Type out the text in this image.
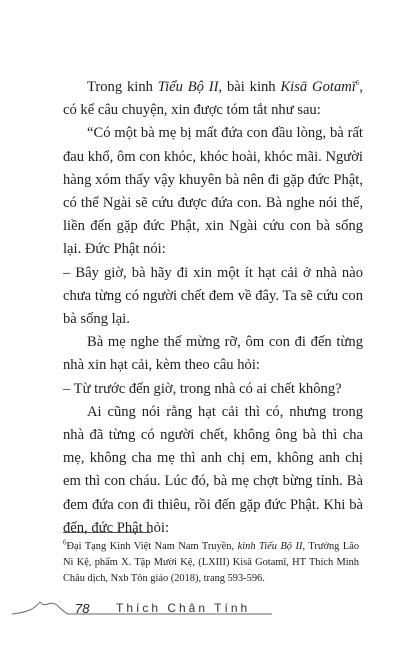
Trong kinh Tiểu Bộ II, bài kinh Kisā Gotamī$^6$, có kể câu chuyện, xin được tóm tắt như sau:

“Có một bà mẹ bị mất đứa con đầu lòng, bà rất đau khổ, ôm con khóc, khóc hoài, khóc mãi. Người hàng xóm thấy vậy khuyên bà nên đi gặp đức Phật, có thể Ngài sẽ cứu được đứa con. Bà nghe nói thế, liền đến gặp đức Phật, xin Ngài cứu con bà sống lại. Đức Phật nói:

– Bây giờ, bà hãy đi xin một ít hạt cải ở nhà nào chưa từng có người chết đem về đây. Ta sẽ cứu con bà sống lại.

Bà mẹ nghe thế mừng rỡ, ôm con đi đến từng nhà xin hạt cải, kèm theo câu hỏi:

– Từ trước đến giờ, trong nhà có ai chết không?

Ai cũng nói rằng hạt cải thì có, nhưng trong nhà đã từng có người chết, không ông bà thì cha mẹ, không cha mẹ thì anh chị em, không anh chị em thì con cháu. Lúc đó, bà mẹ chợt bừng tỉnh. Bà đem đứa con đi thiêu, rồi đến gặp đức Phật. Khi bà đến, đức Phật hỏi:

$^6$Đại Tạng Kinh Việt Nam Nam Truyền, kinh Tiểu Bộ II, Trưởng Lão Ni Kệ, phẩm X. Tập Mười Kệ, (LXIII) Kisā Gotamī, HT Thích Minh Châu dịch, Nxb Tôn giáo (2018), trang 593-596.
78 Thích Chân Tính
